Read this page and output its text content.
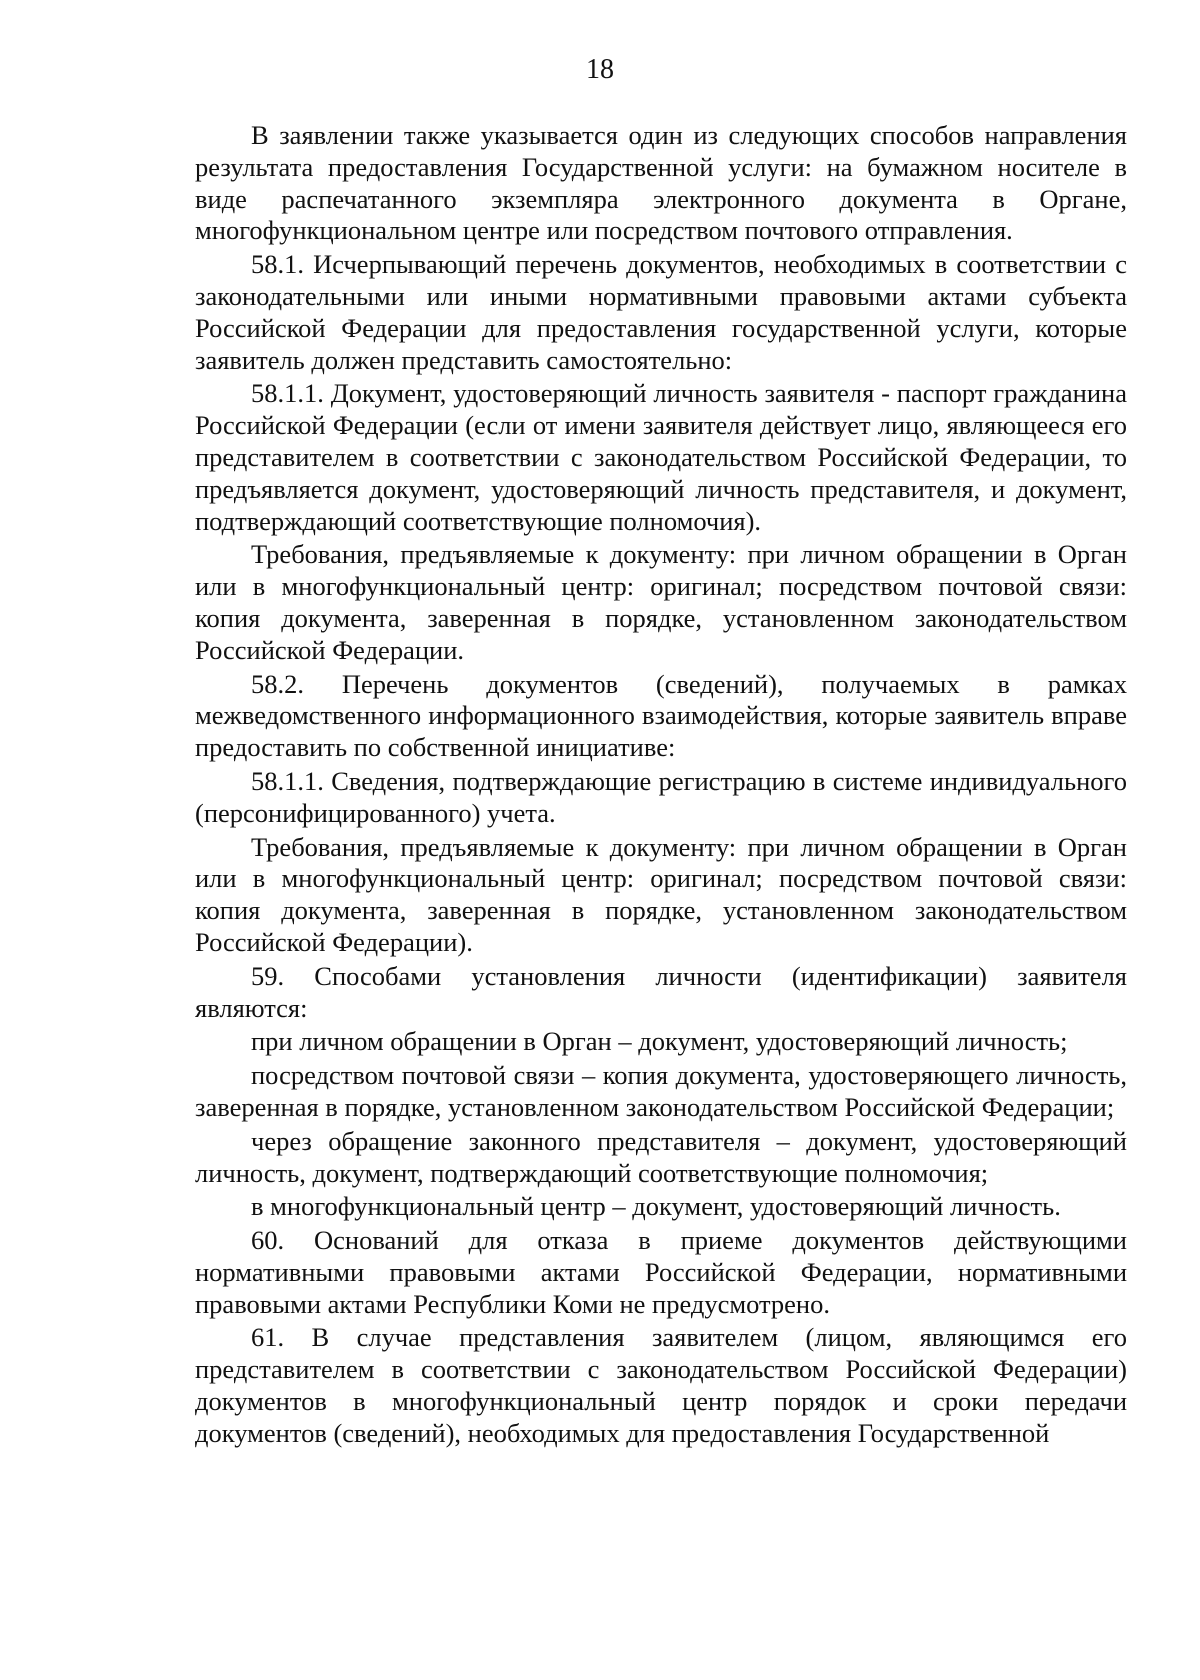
18

В заявлении также указывается один из следующих способов направления результата предоставления Государственной услуги: на бумажном носителе в виде распечатанного экземпляра электронного документа в Органе, многофункциональном центре или посредством почтового отправления.

58.1. Исчерпывающий перечень документов, необходимых в соответствии с законодательными или иными нормативными правовыми актами субъекта Российской Федерации для предоставления государственной услуги, которые заявитель должен представить самостоятельно:

58.1.1. Документ, удостоверяющий личность заявителя - паспорт гражданина Российской Федерации (если от имени заявителя действует лицо, являющееся его представителем в соответствии с законодательством Российской Федерации, то предъявляется документ, удостоверяющий личность представителя, и документ, подтверждающий соответствующие полномочия).

Требования, предъявляемые к документу: при личном обращении в Орган или в многофункциональный центр: оригинал; посредством почтовой связи: копия документа, заверенная в порядке, установленном законодательством Российской Федерации.

58.2. Перечень документов (сведений), получаемых в рамках межведомственного информационного взаимодействия, которые заявитель вправе предоставить по собственной инициативе:

58.1.1. Сведения, подтверждающие регистрацию в системе индивидуального (персонифицированного) учета.

Требования, предъявляемые к документу: при личном обращении в Орган или в многофункциональный центр: оригинал; посредством почтовой связи: копия документа, заверенная в порядке, установленном законодательством Российской Федерации).

59. Способами установления личности (идентификации) заявителя являются:

при личном обращении в Орган – документ, удостоверяющий личность;

посредством почтовой связи – копия документа, удостоверяющего личность, заверенная в порядке, установленном законодательством Российской Федерации;

через обращение законного представителя – документ, удостоверяющий личность, документ, подтверждающий соответствующие полномочия;

в многофункциональный центр – документ, удостоверяющий личность.

60. Оснований для отказа в приеме документов действующими нормативными правовыми актами Российской Федерации, нормативными правовыми актами Республики Коми не предусмотрено.

61. В случае представления заявителем (лицом, являющимся его представителем в соответствии с законодательством Российской Федерации) документов в многофункциональный центр порядок и сроки передачи документов (сведений), необходимых для предоставления Государственной
